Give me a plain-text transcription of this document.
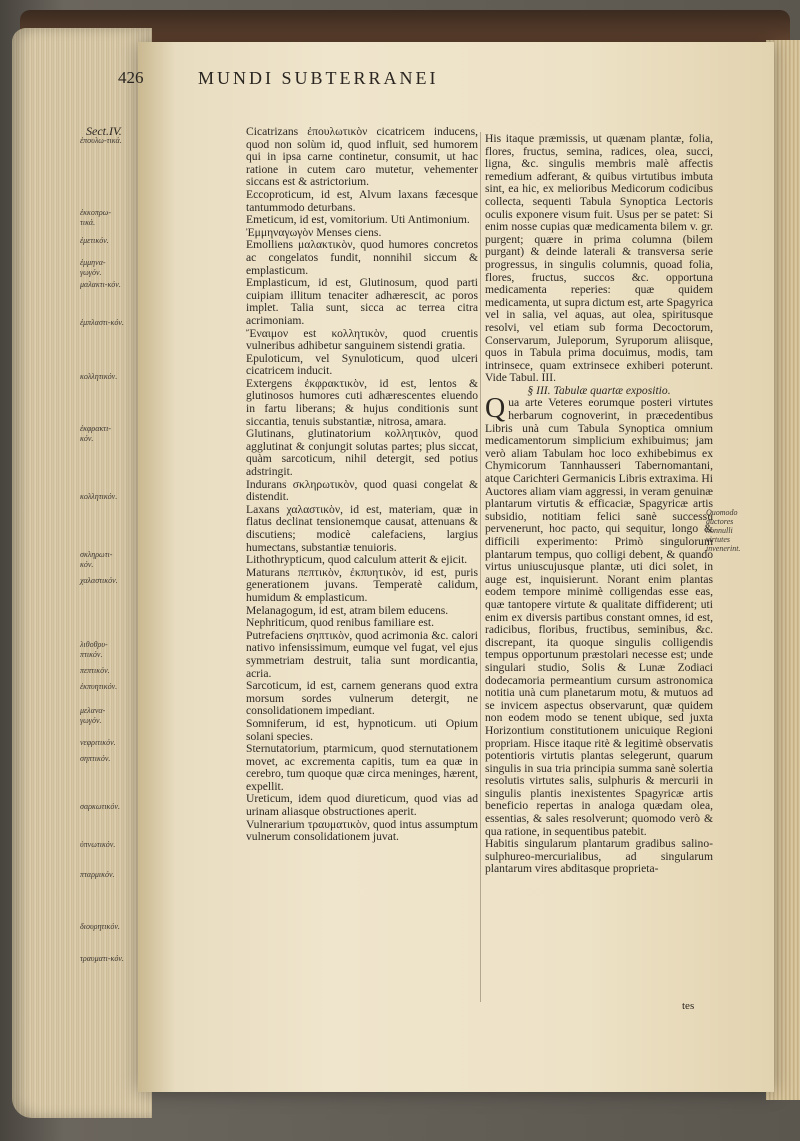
426	MUNDI SUBTERRANEI
Sect.IV.
ἐπουλω-τικά.
ἐκκοπρω-τικά.
ἐμετικόν.
ἐμμηνα-γωγόν.
μαλακτι-κόν.
ἐμπλαστι-κόν.
κολλητικόν.
ἐκφρακτι-κόν.
κολλητικόν.
σκληρωτι-κόν.
χαλαστικόν.
λιθοθρυ-πτικόν.
πεπτικόν.
ἐκπυητικόν.
μελανα-γωγόν.
νεφριτικόν.
σηπτικόν.
σαρκωτικόν.
ὑπνωτικόν.
πταρμικόν.
διουρητικόν.
τραυματι-κόν.

Cicatrizans ἐπουλωτικὸν cicatricem inducens, quod non solùm id, quod influit, sed humorem qui in ipsa carne continetur, consumit, ut hac ratione in cutem caro mutetur, vehementer siccans est & astrictorium.

Eccoproticum, id est, Alvum laxans fæcesque tantummodo deturbans.

Emeticum, id est, vomitorium. Uti Antimonium.

Ἐμμηναγωγὸν Menses ciens.

Emolliens μαλακτικὸν, quod humores concretos ac congelatos fundit, nonnihil siccum & emplasticum.

Emplasticum, id est, Glutinosum, quod parti cuipiam illitum tenaciter adhærescit, ac poros implet. Talia sunt, sicca ac terrea citra acrimoniam.

Ἔναιμον est κολλητικὸν, quod cruentis vulneribus adhibetur sanguinem sistendi gratia.

Epuloticum, vel Synuloticum, quod ulceri cicatricem inducit.

Extergens ἐκφρακτικὸν, id est, lentos & glutinosos humores cuti adhærescentes eluendo in fartu liberans; & hujus conditionis sunt siccantia, tenuis substantiæ, nitrosa, amara.

Glutinans, glutinatorium κολλητικὸν, quod agglutinat & conjungit solutas partes; plus siccat, quàm sarcoticum, nihil detergit, sed potius adstringit.

Indurans σκληρωτικὸν, quod quasi congelat & distendit.

Laxans χαλαστικὸν, id est, materiam, quæ in flatus declinat tensionemque causat, attenuans & discutiens; modicè calefaciens, largius humectans, substantiæ tenuioris.

Lithothrypticum, quod calculum atterit & ejicit.

Maturans πεπτικὸν, ἐκπυητικὸν, id est, puris generationem juvans. Temperatè calidum, humidum & emplasticum.

Melanagogum, id est, atram bilem educens.

Nephriticum, quod renibus familiare est.

Putrefaciens σηπτικὸν, quod acrimonia &c. calori nativo infensissimum, eumque vel fugat, vel ejus symmetriam destruit, talia sunt mordicantia, acria.

Sarcoticum, id est, carnem generans quod extra morsum sordes vulnerum detergit, ne consolidationem impediant.

Somniferum, id est, hypnoticum. uti Opium solani species.

Sternutatorium, ptarmicum, quod sternutationem movet, ac excrementa capitis, tum ea quæ in cerebro, tum quoque quæ circa meninges, hærent, expellit.

Ureticum, idem quod diureticum, quod vias ad urinam aliasque obstructiones aperit.

Vulnerarium τραυματικὸν, quod intus assumptum vulnerum consolidationem juvat.

His itaque præmissis, ut quænam plantæ, folia, flores, fructus, semina, radices, olea, succi, ligna, &c. singulis membris malè affectis remedium adferant, & quibus virtutibus imbuta sint, ea hic, ex melioribus Medicorum codicibus collecta, sequenti Tabula Synoptica Lectoris oculis exponere visum fuit. Usus per se patet: Si enim nosse cupias quæ medicamenta bilem v. gr. purgent; quære in prima columna (bilem purgant) & deinde laterali & transversa serie progressus, in singulis columnis, quoad folia, flores, fructus, succos &c. opportuna medicamenta reperies: quæ quidem medicamenta, ut supra dictum est, arte Spagyrica vel in salia, vel aquas, aut olea, spiritusque resolvi, vel etiam sub forma Decoctorum, Conservarum, Juleporum, Syruporum aliisque, quos in Tabula prima docuimus, modis, tam intrinsece, quam extrinsece exhiberi poterunt. Vide Tabul. III.

§ III. Tabulæ quartæ expositio.

Qua arte Veteres eorumque posteri virtutes herbarum cognoverint, in præcedentibus Libris unà cum Tabula Synoptica omnium medicamentorum simplicium exhibuimus; jam verò aliam Tabulam hoc loco exhibebimus ex Chymicorum Tannhausseri Tabernomantani, atque Carichteri Germanicis Libris extraxima. Hi Auctores aliam viam aggressi, in veram genuinæ plantarum virtutis & efficaciæ, Spagyricæ artis subsidio, notitiam felici sanè successu pervenerunt, hoc pacto, qui sequitur, longo & difficili experimento: Primò singulorum plantarum tempus, quo colligi debent, & quando virtus uniuscujusque plantæ, uti dici solet, in auge est, inquisierunt. Norant enim plantas eodem tempore minimè colligendas esse eas, quæ tantopere virtute & qualitate diffiderent; uti enim ex diversis partibus constant omnes, id est, radicibus, floribus, fructibus, seminibus, &c. discrepant, ita quoque singulis colligendis tempus opportunum præstolari necesse est; unde singulari studio, Solis & Lunæ Zodiaci dodecamoria permeantium cursum astronomica notitia unà cum planetarum motu, & mutuos ad se invicem aspectus observarunt, quæ quidem non eodem modo se tenent ubique, sed juxta Horizontium constitutionem unicuique Regioni propriam. Hisce itaque ritè & legitimè observatis potentioris virtutis plantas selegerunt, quarum singulis in sua tria principia summa sanè solertia resolutis virtutes salis, sulphuris & mercurii in singulis plantis inexistentes Spagyricæ artis beneficio repertas in analoga quædam olea, essentias, & sales resolverunt; quomodo verò & qua ratione, in sequentibus patebit.

Habitis singularum plantarum gradibus salino-sulphureo-mercurialibus, ad singularum plantarum vires abditasque proprieta-

Quomodo auctores nonnulli virtutes invenerint.
tes
